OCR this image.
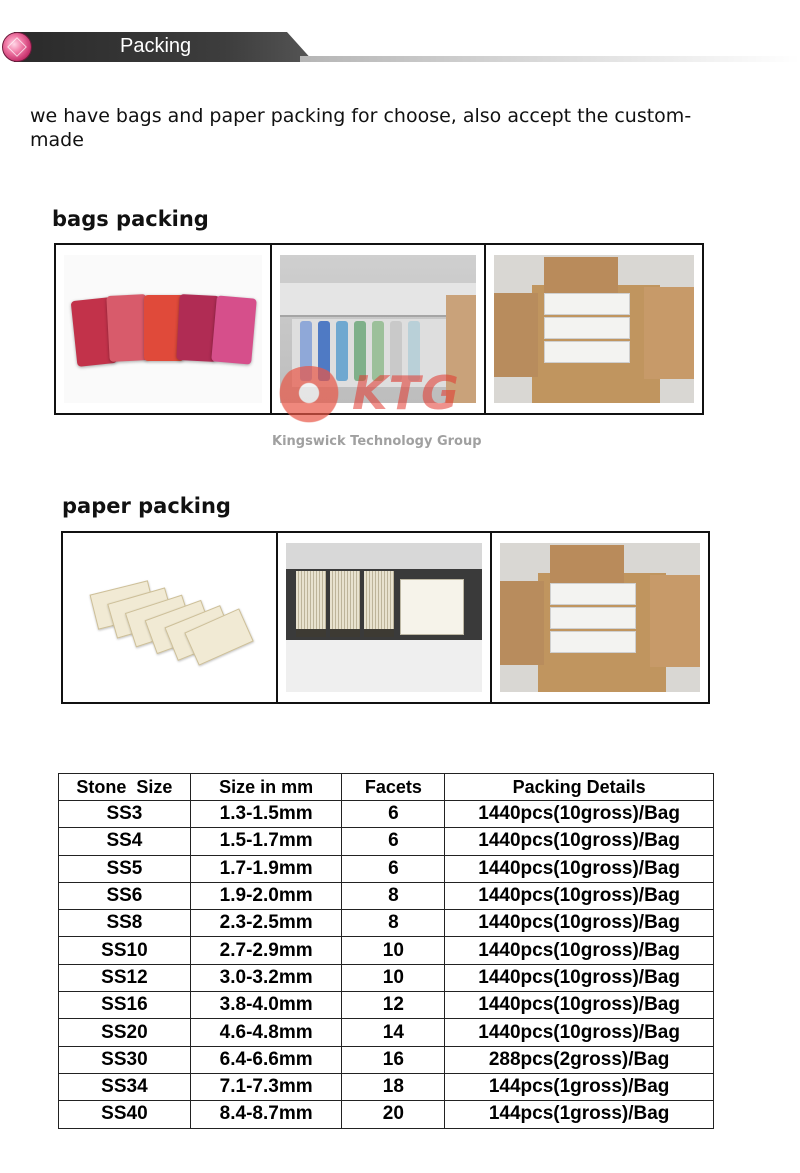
Packing
we have bags and paper packing for choose, also accept the custom-made
bags packing
KTG
Kingswick Technology Group
paper packing
Stone  Size	Size in mm	Facets	Packing Details
SS3	1.3-1.5mm	6	1440pcs(10gross)/Bag
SS4	1.5-1.7mm	6	1440pcs(10gross)/Bag
SS5	1.7-1.9mm	6	1440pcs(10gross)/Bag
SS6	1.9-2.0mm	8	1440pcs(10gross)/Bag
SS8	2.3-2.5mm	8	1440pcs(10gross)/Bag
SS10	2.7-2.9mm	10	1440pcs(10gross)/Bag
SS12	3.0-3.2mm	10	1440pcs(10gross)/Bag
SS16	3.8-4.0mm	12	1440pcs(10gross)/Bag
SS20	4.6-4.8mm	14	1440pcs(10gross)/Bag
SS30	6.4-6.6mm	16	288pcs(2gross)/Bag
SS34	7.1-7.3mm	18	144pcs(1gross)/Bag
SS40	8.4-8.7mm	20	144pcs(1gross)/Bag
